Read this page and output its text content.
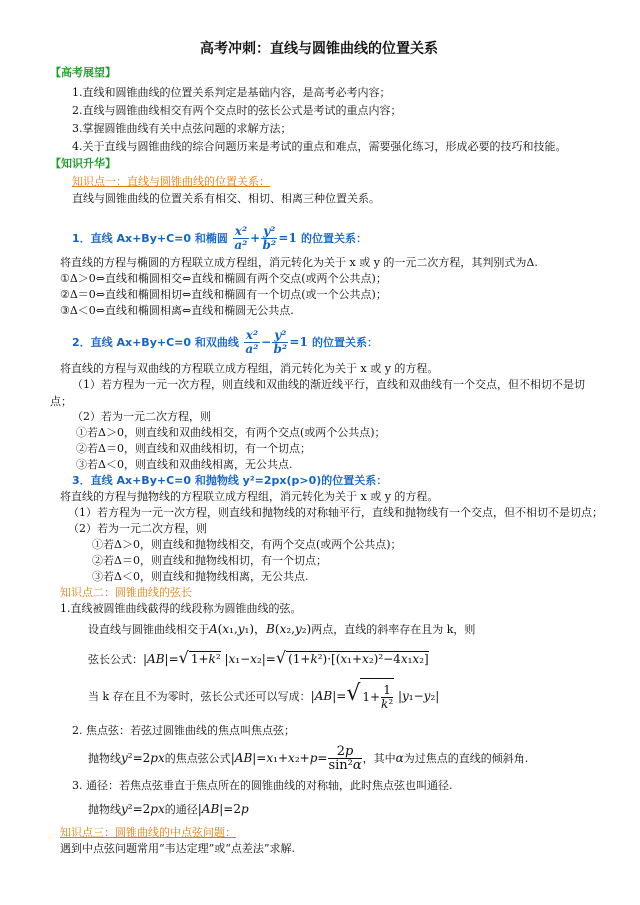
高考冲刺：直线与圆锥曲线的位置关系
【高考展望】
1.直线和圆锥曲线的位置关系判定是基础内容，是高考必考内容；
2.直线与圆锥曲线相交有两个交点时的弦长公式是考试的重点内容；
3.掌握圆锥曲线有关中点弦问题的求解方法；
4.关于直线与圆锥曲线的综合问题历来是考试的重点和难点，需要强化练习，形成必要的技巧和技能。
【知识升华】
知识点一：直线与圆锥曲线的位置关系：
直线与圆锥曲线的位置关系有相交、相切、相离三种位置关系。
1．直线 Ax+By+C=0 和椭圆 $\frac{\text{x²}}{\text{a²}} + \frac{\text{y²}}{\text{b²}} =1$ 的位置关系：
将直线的方程与椭圆的方程联立成方程组，消元转化为关于 x 或 y 的一元二次方程，其判别式为Δ.
①Δ＞0⇔直线和椭圆相交⇔直线和椭圆有两个交点(或两个公共点)；
②Δ＝0⇔直线和椭圆相切⇔直线和椭圆有一个切点(或一个公共点)；
③Δ＜0⇔直线和椭圆相离⇔直线和椭圆无公共点.
2．直线 Ax+By+C=0 和双曲线 $\frac{\text{x²}}{\text{a²}} - \frac{\text{y²}}{\text{b²}} =1$ 的位置关系：
将直线的方程与双曲线的方程联立成方程组，消元转化为关于 x 或 y 的方程。
（1）若方程为一元一次方程，则直线和双曲线的渐近线平行，直线和双曲线有一个交点，但不相切不是切
点；
（2）若为一元二次方程，则
①若Δ＞0，则直线和双曲线相交，有两个交点(或两个公共点)；
②若Δ＝0，则直线和双曲线相切，有一个切点；
③若Δ＜0，则直线和双曲线相离，无公共点.
3．直线 Ax+By+C=0 和抛物线 y²=2px(p>0)的位置关系：
将直线的方程与抛物线的方程联立成方程组，消元转化为关于 x 或 y 的方程。
（1）若方程为一元一次方程，则直线和抛物线的对称轴平行，直线和抛物线有一个交点，但不相切不是切点；
（2）若为一元二次方程，则
①若Δ＞0，则直线和抛物线相交，有两个交点(或两个公共点)；
②若Δ＝0，则直线和抛物线相切，有一个切点；
③若Δ＜0，则直线和抛物线相离，无公共点.
知识点二：圆锥曲线的弦长
1.直线被圆锥曲线截得的线段称为圆锥曲线的弦。
设直线与圆锥曲线相交于A(x₁,y₁)，B(x₂,y₂)两点，直线的斜率存在且为 k，则
弦长公式：|AB|=√ 1+k² |x₁−x₂|=√ (1+k²)·[(x₁+x₂)²−4x₁x₂]
当 k 存在且不为零时，弦长公式还可以写成：|AB|=√ $1+ \frac{1}{\text{k²}} |y_1-y_2|$
2. 焦点弦：若弦过圆锥曲线的焦点叫焦点弦；
抛物线y²=2px的焦点弦公式$|AB|=x_1+x_2+p= \frac{2p}{\text{sin²α}}$ ，其中α为过焦点的直线的倾斜角.
3. 通径：若焦点弦垂直于焦点所在的圆锥曲线的对称轴，此时焦点弦也叫通径.
抛物线y²=2px的通径|AB|=2p
知识点三：圆锥曲线的中点弦问题：
遇到中点弦问题常用“韦达定理”或“点差法”求解.
